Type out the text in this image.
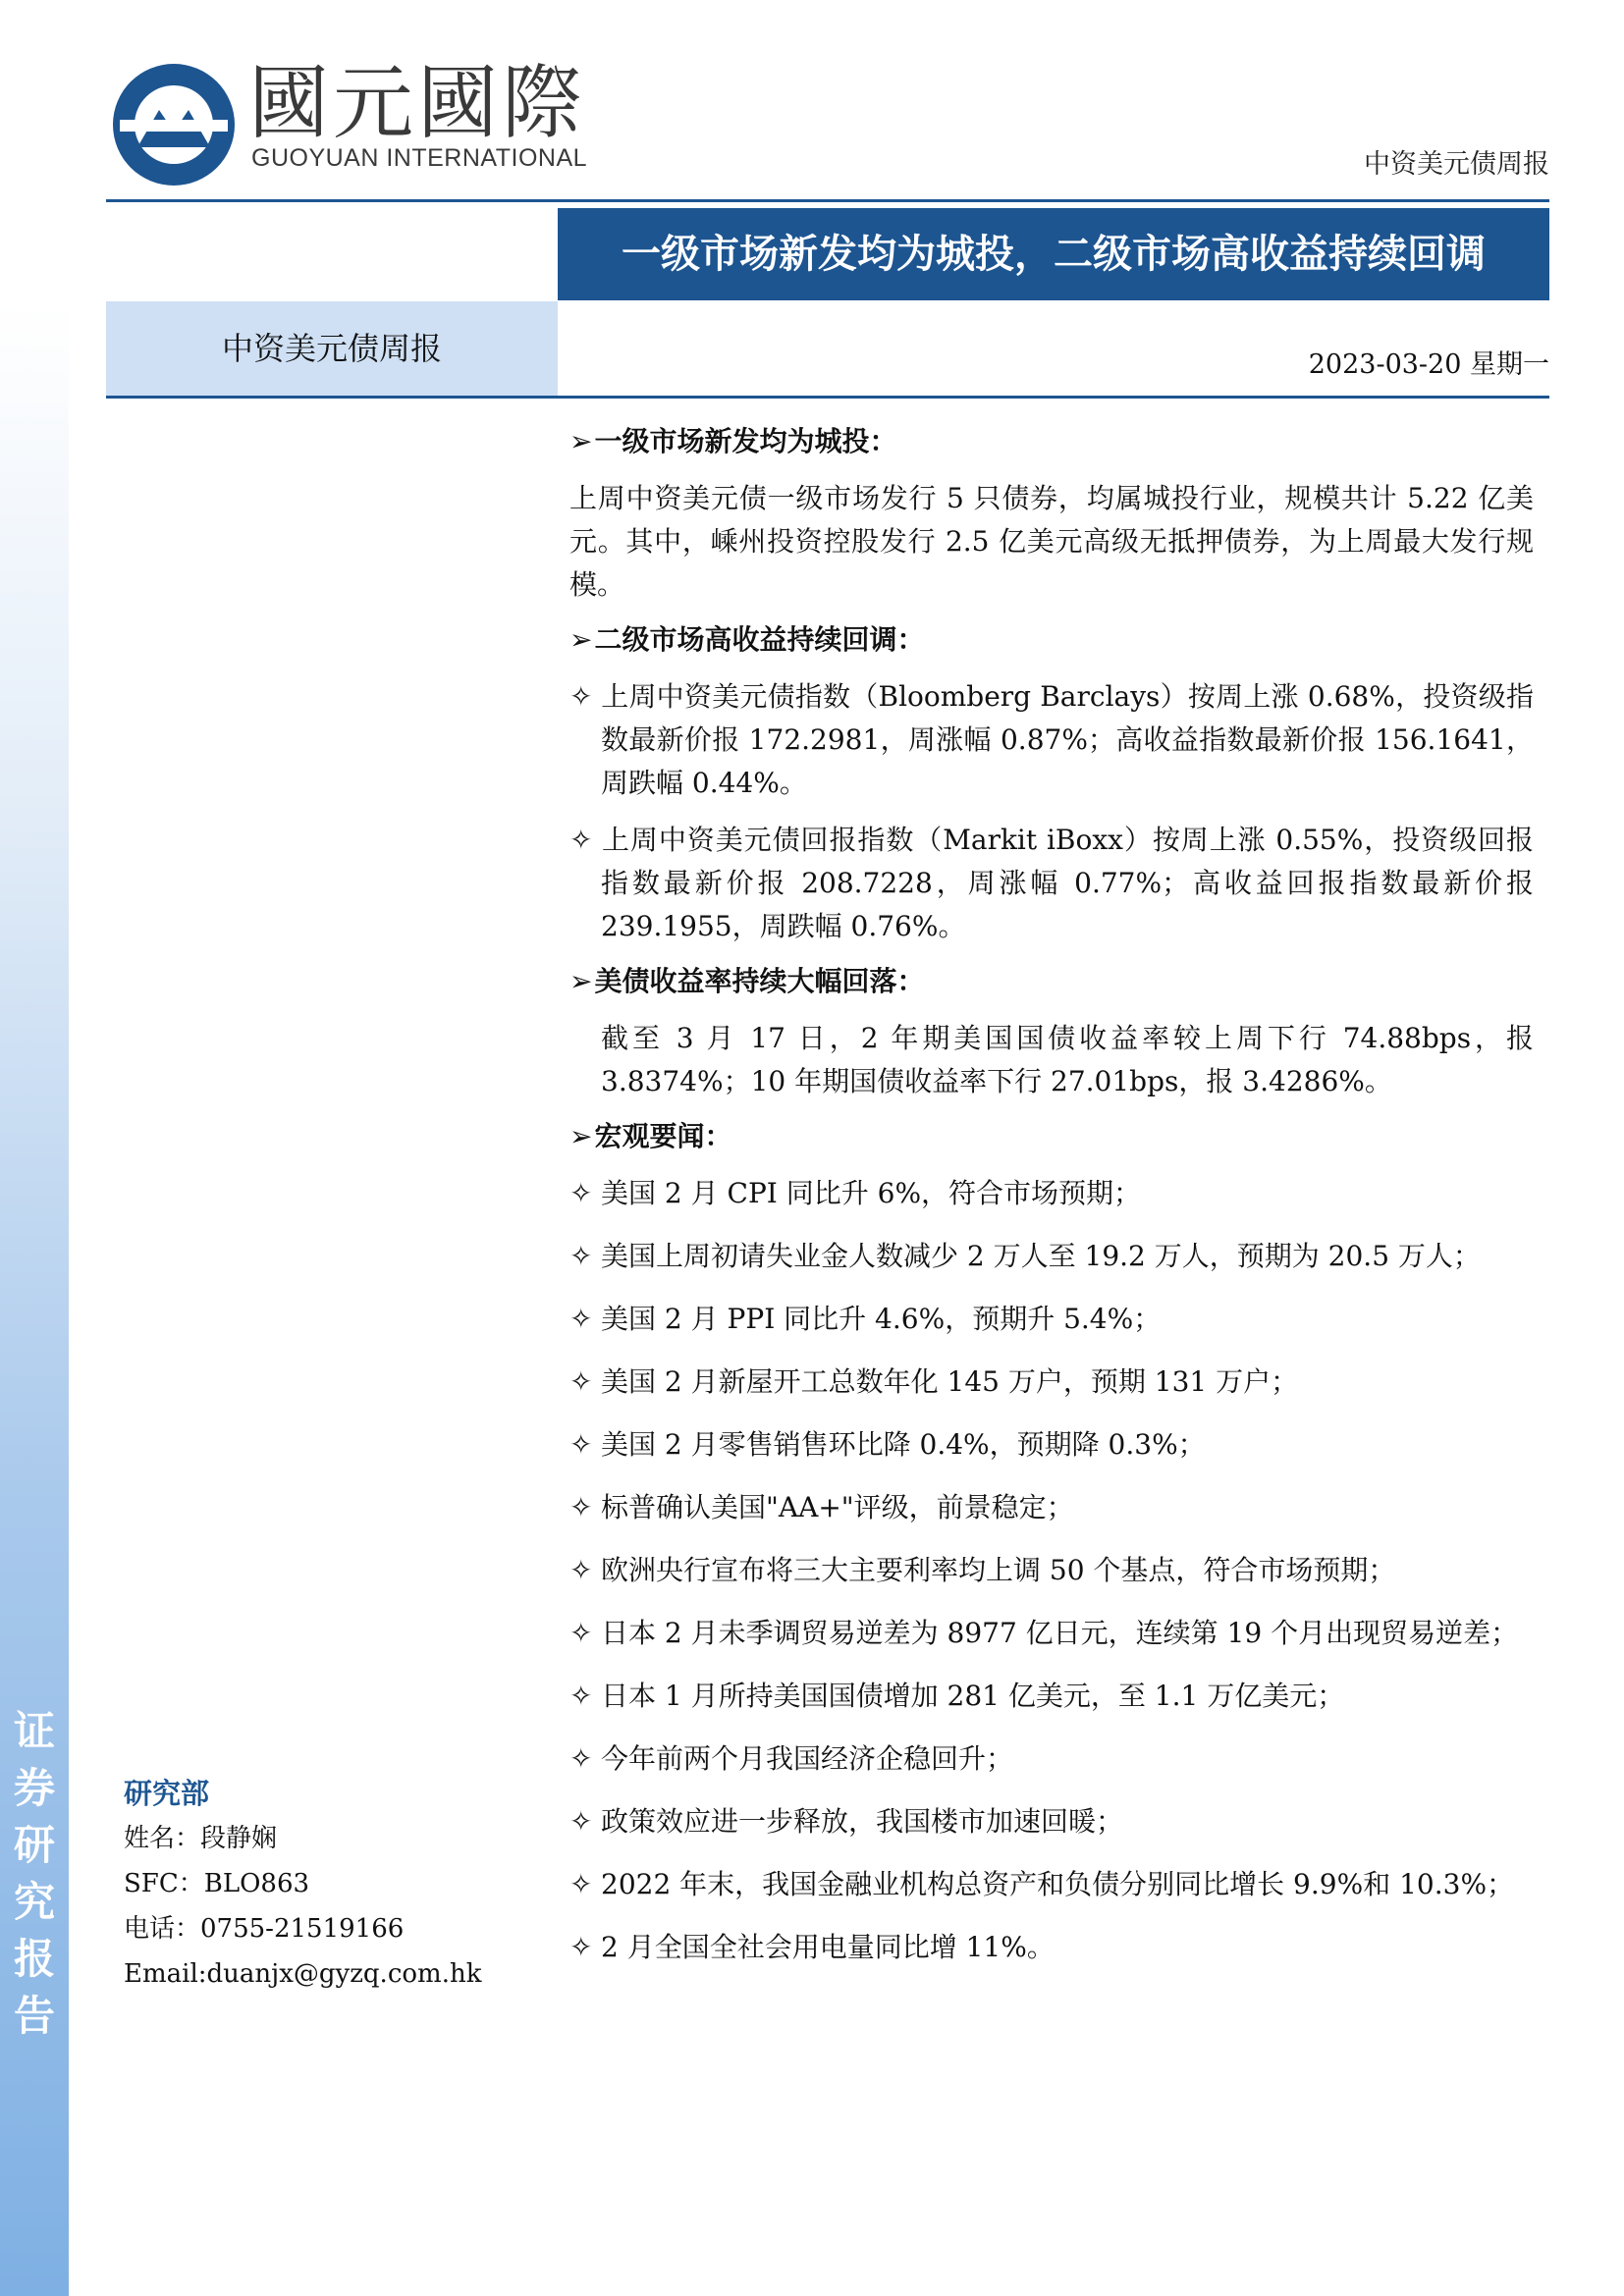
证券研究报告
國元國際
GUOYUAN INTERNATIONAL	中资美元债周报
一级市场新发均为城投，二级市场高收益持续回调
中资美元债周报	2023-03-20 星期一

➢一级市场新发均为城投：

上周中资美元债一级市场发行 5 只债券，均属城投行业，规模共计 5.22 亿美元。其中，嵊州投资控股发行 2.5 亿美元高级无抵押债券，为上周最大发行规模。

➢二级市场高收益持续回调：

✧ 上周中资美元债指数（Bloomberg Barclays）按周上涨 0.68%，投资级指数最新价报 172.2981，周涨幅 0.87%；高收益指数最新价报 156.1641，周跌幅 0.44%。

✧ 上周中资美元债回报指数（Markit iBoxx）按周上涨 0.55%，投资级回报指数最新价报 208.7228，周涨幅 0.77%；高收益回报指数最新价报 239.1955，周跌幅 0.76%。

➢美债收益率持续大幅回落：

截至 3 月 17 日，2 年期美国国债收益率较上周下行 74.88bps，报 3.8374%；10 年期国债收益率下行 27.01bps，报 3.4286%。

➢宏观要闻：

✧ 美国 2 月 CPI 同比升 6%，符合市场预期；

✧ 美国上周初请失业金人数减少 2 万人至 19.2 万人，预期为 20.5 万人；

✧ 美国 2 月 PPI 同比升 4.6%，预期升 5.4%；

✧ 美国 2 月新屋开工总数年化 145 万户，预期 131 万户；

✧ 美国 2 月零售销售环比降 0.4%，预期降 0.3%；

✧ 标普确认美国"AA+"评级，前景稳定；

✧ 欧洲央行宣布将三大主要利率均上调 50 个基点，符合市场预期；

✧ 日本 2 月未季调贸易逆差为 8977 亿日元，连续第 19 个月出现贸易逆差；

✧ 日本 1 月所持美国国债增加 281 亿美元，至 1.1 万亿美元；

✧ 今年前两个月我国经济企稳回升；

✧ 政策效应进一步释放，我国楼市加速回暖；

✧ 2022 年末，我国金融业机构总资产和负债分别同比增长 9.9%和 10.3%；

✧ 2 月全国全社会用电量同比增 11%。

研究部
姓名：段静娴
SFC：BLO863
电话：0755-21519166
Email:duanjx@gyzq.com.hk
